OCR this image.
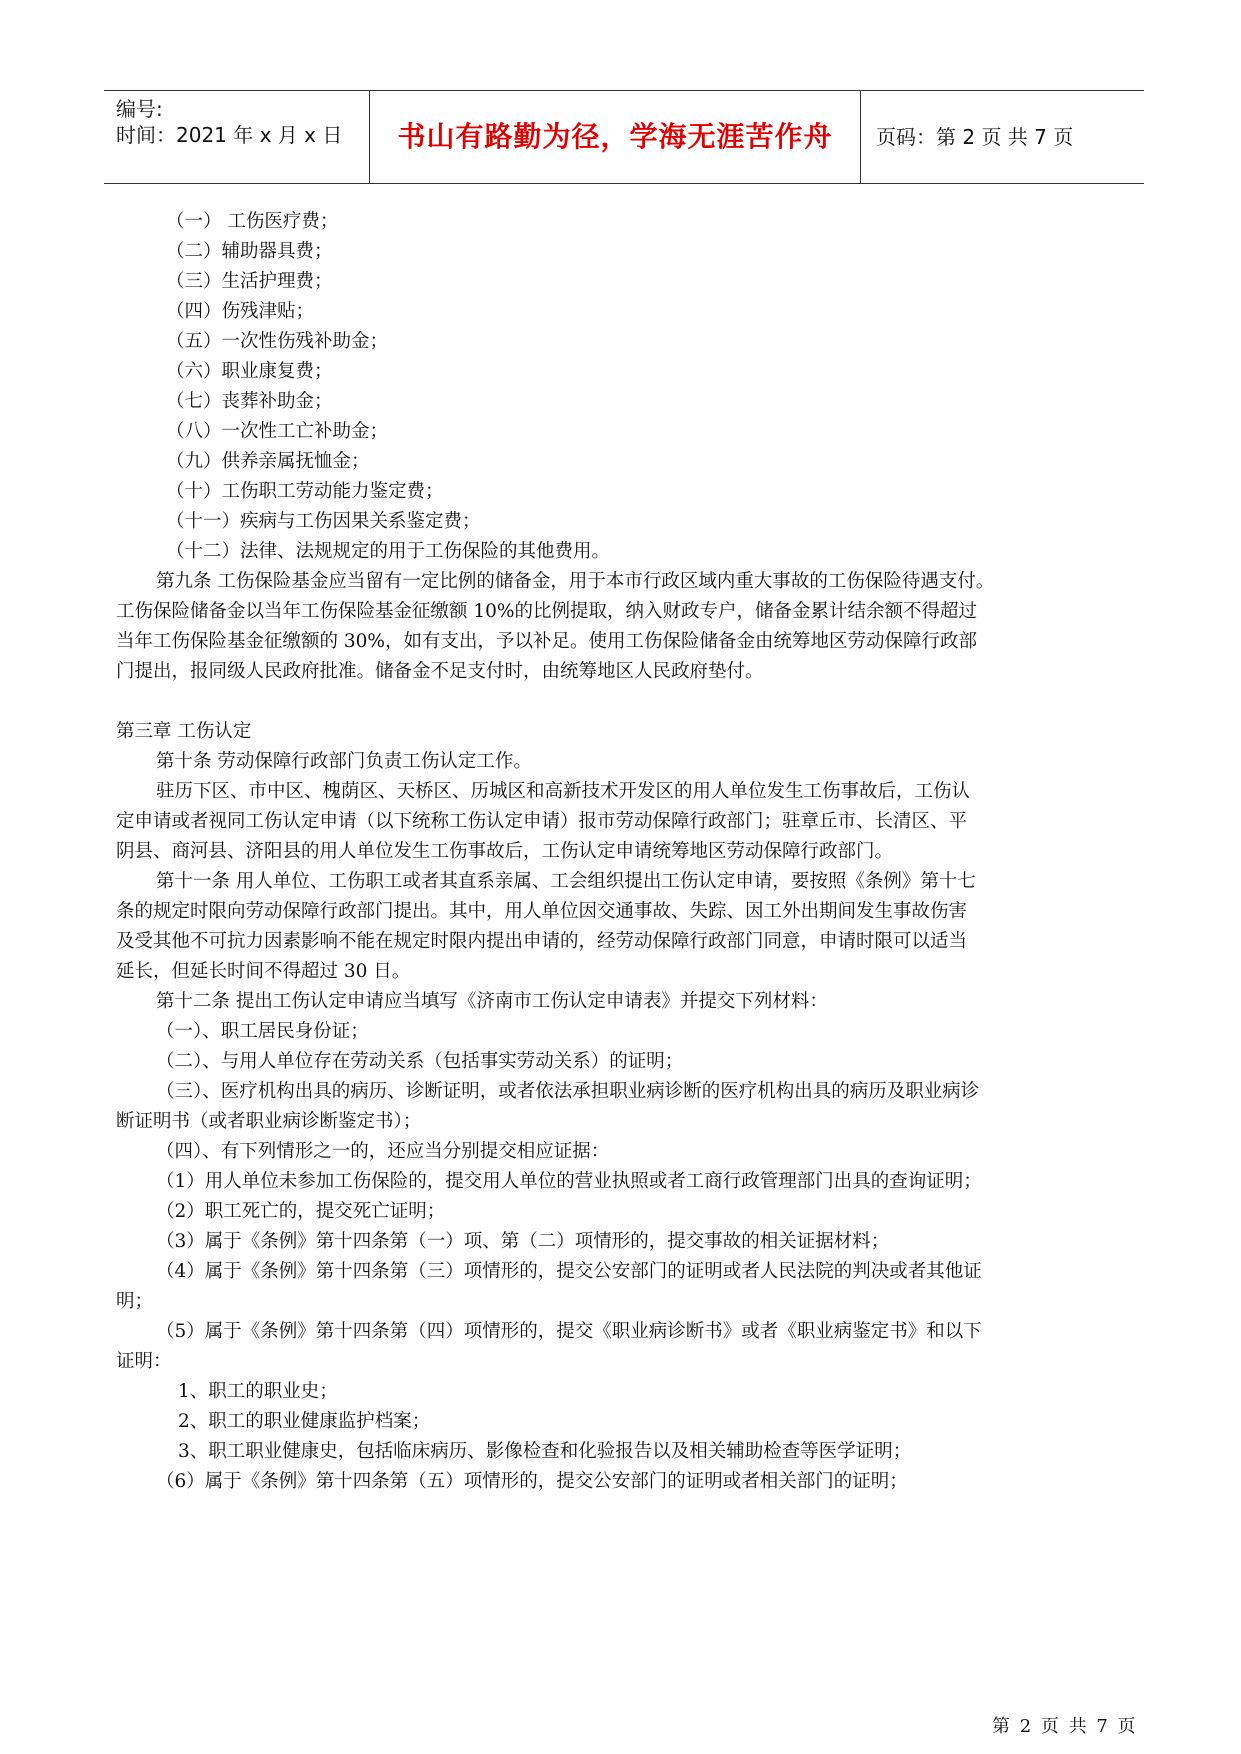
编号:
时间：2021 年 x 月 x 日	书山有路勤为径，学海无涯苦作舟	页码：第 2 页 共 7 页
（一） 工伤医疗费；
（二）辅助器具费；
（三）生活护理费；
（四）伤残津贴；
（五）一次性伤残补助金；
（六）职业康复费；
（七）丧葬补助金；
（八）一次性工亡补助金；
（九）供养亲属抚恤金；
（十）工伤职工劳动能力鉴定费；
（十一）疾病与工伤因果关系鉴定费；
（十二）法律、法规规定的用于工伤保险的其他费用。
第九条 工伤保险基金应当留有一定比例的储备金，用于本市行政区域内重大事故的工伤保险待遇支付。
工伤保险储备金以当年工伤保险基金征缴额 10%的比例提取，纳入财政专户，储备金累计结余额不得超过
当年工伤保险基金征缴额的 30%，如有支出，予以补足。使用工伤保险储备金由统筹地区劳动保障行政部
门提出，报同级人民政府批准。储备金不足支付时，由统筹地区人民政府垫付。
第三章 工伤认定
第十条 劳动保障行政部门负责工伤认定工作。
驻历下区、市中区、槐荫区、天桥区、历城区和高新技术开发区的用人单位发生工伤事故后，工伤认
定申请或者视同工伤认定申请（以下统称工伤认定申请）报市劳动保障行政部门；驻章丘市、长清区、平
阴县、商河县、济阳县的用人单位发生工伤事故后，工伤认定申请统筹地区劳动保障行政部门。
第十一条 用人单位、工伤职工或者其直系亲属、工会组织提出工伤认定申请，要按照《条例》第十七
条的规定时限向劳动保障行政部门提出。其中，用人单位因交通事故、失踪、因工外出期间发生事故伤害
及受其他不可抗力因素影响不能在规定时限内提出申请的，经劳动保障行政部门同意，申请时限可以适当
延长，但延长时间不得超过 30 日。
第十二条 提出工伤认定申请应当填写《济南市工伤认定申请表》并提交下列材料：
（一）、职工居民身份证；
（二）、与用人单位存在劳动关系（包括事实劳动关系）的证明；
（三）、医疗机构出具的病历、诊断证明，或者依法承担职业病诊断的医疗机构出具的病历及职业病诊
断证明书（或者职业病诊断鉴定书）；
（四）、有下列情形之一的，还应当分别提交相应证据：
（1）用人单位未参加工伤保险的，提交用人单位的营业执照或者工商行政管理部门出具的查询证明；
（2）职工死亡的，提交死亡证明；
（3）属于《条例》第十四条第（一）项、第（二）项情形的，提交事故的相关证据材料；
（4）属于《条例》第十四条第（三）项情形的，提交公安部门的证明或者人民法院的判决或者其他证
明；
（5）属于《条例》第十四条第（四）项情形的，提交《职业病诊断书》或者《职业病鉴定书》和以下
证明：
1、职工的职业史；
2、职工的职业健康监护档案；
3、职工职业健康史，包括临床病历、影像检查和化验报告以及相关辅助检查等医学证明；
（6）属于《条例》第十四条第（五）项情形的，提交公安部门的证明或者相关部门的证明；
第 2 页 共 7 页
